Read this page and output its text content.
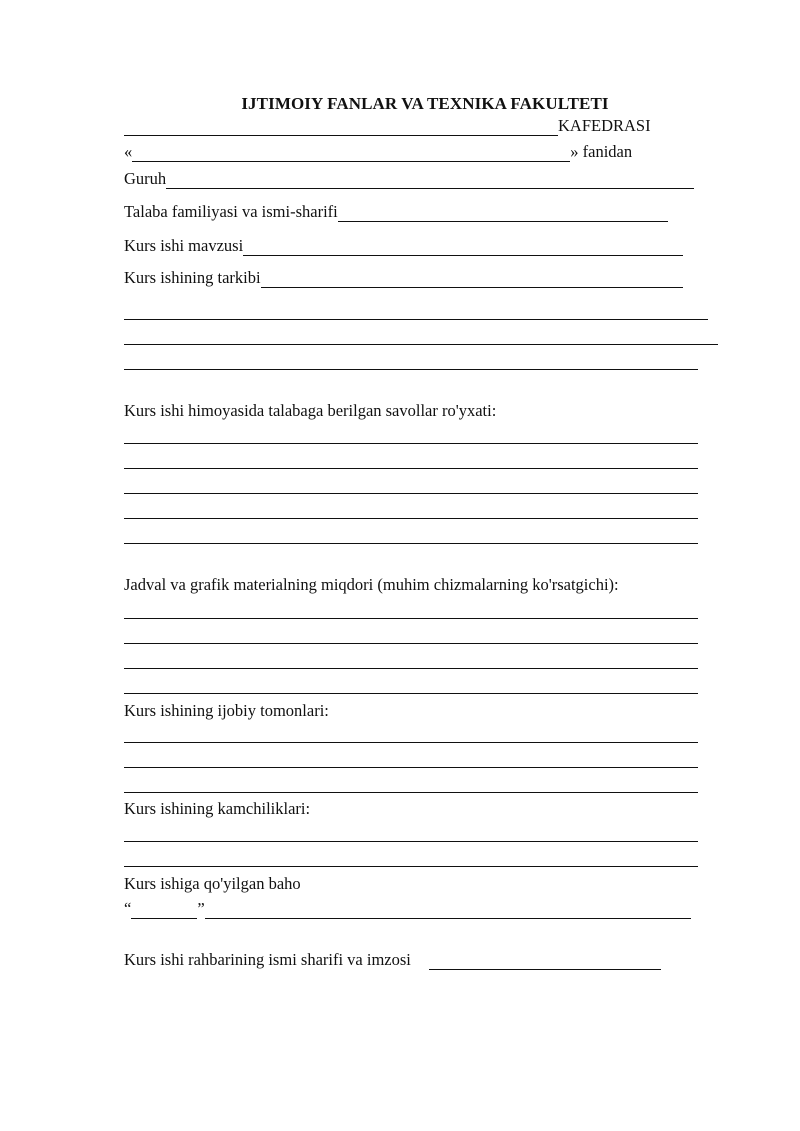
IJTIMOIY FANLAR VA TEXNIKA FAKULTETI
KAFEDRASI
«	» fanidan
Guruh
Talaba familiyasi va ismi-sharifi
Kurs ishi mavzusi
Kurs ishining tarkibi
Kurs ishi himoyasida talabaga berilgan savollar ro'yxati:
Jadval va grafik materialning miqdori (muhim chizmalarning ko'rsatgichi):
Kurs ishining ijobiy tomonlari:
Kurs ishining kamchiliklari:
Kurs ishiga qo'yilgan baho
“	”
Kurs ishi rahbarining ismi sharifi va imzosi
